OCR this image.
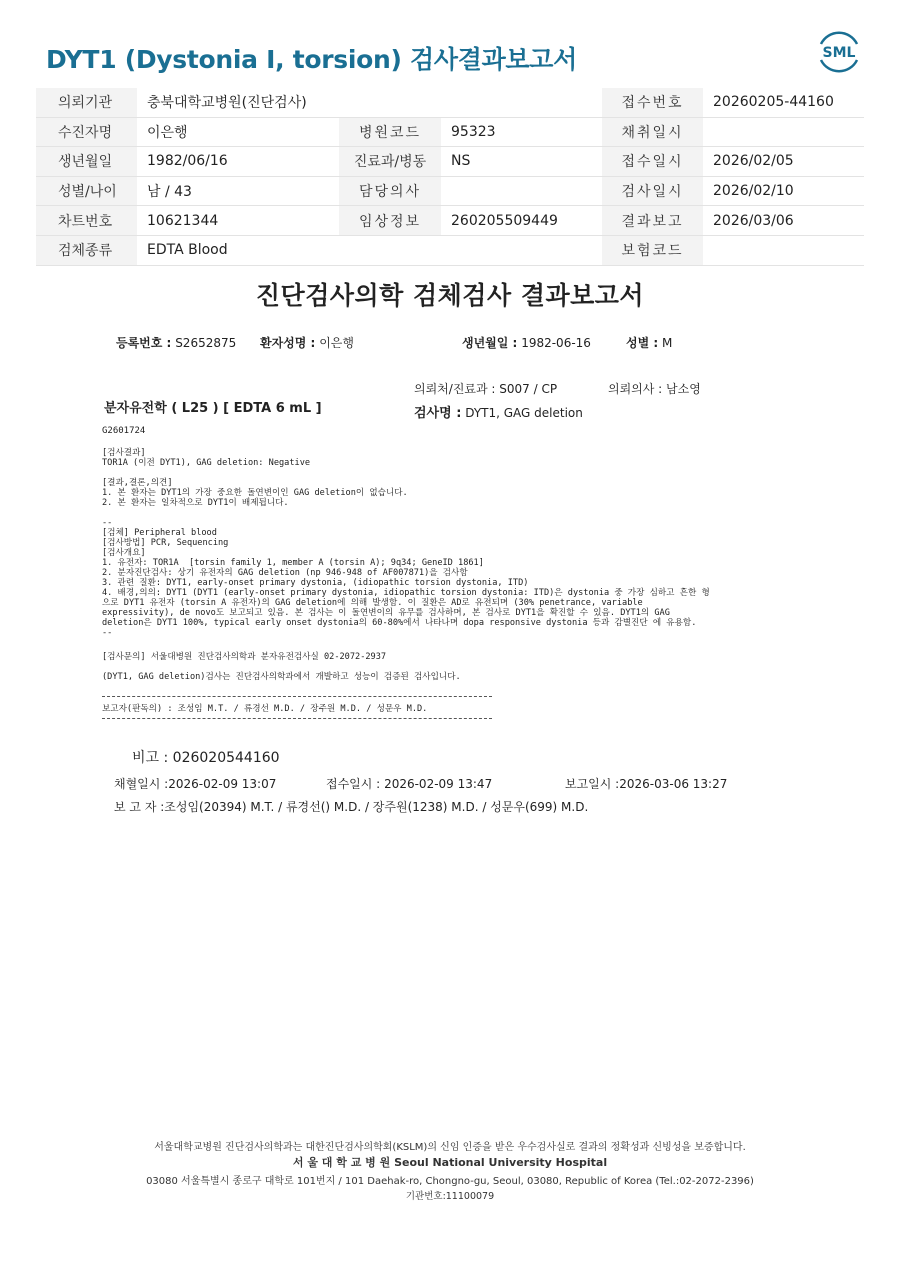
DYT1 (Dystonia I, torsion) 검사결과보고서	SML
의뢰기관	충북대학교병원(진단검사)			접수번호	20260205-44160
수진자명	이은행	병원코드	95323	채취일시	
생년월일	1982/06/16	진료과/병동	NS	접수일시	2026/02/05
성별/나이	남 / 43	담당의사		검사일시	2026/02/10
차트번호	10621344	임상정보	260205509449	결과보고	2026/03/06
검체종류	EDTA Blood			보험코드	
진단검사의학 검체검사 결과보고서
등록번호 : S2652875 환자성명 : 이은행	생년월일 : 1982-06-16	성별 : M
의뢰처/진료과 : S007 / CP	의뢰의사 : 남소영
분자유전학 ( L25 ) [ EDTA 6 mL ]	검사명 : DYT1, GAG deletion
G2601724
[검사결과]
TOR1A (이전 DYT1), GAG deletion: Negative

[결과,결론,의견]
1. 본 환자는 DYT1의 가장 중요한 돌연변이인 GAG deletion이 없습니다.
2. 본 환자는 일차적으로 DYT1이 배제됩니다.

--
[검체] Peripheral blood
[검사방법] PCR, Sequencing
[검사개요]
1. 유전자: TOR1A  [torsin family 1, member A (torsin A); 9q34; GeneID 1861]
2. 분자진단검사: 상기 유전자의 GAG deletion (np 946-948 of AF007871)을 검사함
3. 관련 질환: DYT1, early-onset primary dystonia, (idiopathic torsion dystonia, ITD)
4. 배경,의의: DYT1 (DYT1 (early-onset primary dystonia, idiopathic torsion dystonia: ITD)은 dystonia 중 가장 심하고 흔한 형
으로 DYT1 유전자 (torsin A 유전자)의 GAG deletion에 의해 발생함. 이 질환은 AD로 유전되며 (30% penetrance, variable
expressivity), de novo도 보고되고 있음. 본 검사는 이 돌연변이의 유무를 검사하며, 본 검사로 DYT1을 확진할 수 있음. DYT1의 GAG
deletion은 DYT1 100%, typical early onset dystonia의 60-80%에서 나타나며 dopa responsive dystonia 등과 감별진단 에 유용함.
--
[검사문의] 서울대병원 진단검사의학과 분자유전검사실 02-2072-2937
(DYT1, GAG deletion)검사는 진단검사의학과에서 개발하고 성능이 검증된 검사입니다.
보고자(판독의) : 조성임 M.T. / 류경선 M.D. / 장주원 M.D. / 성문우 M.D.
비고 : 026020544160
채혈일시 :2026-02-09 13:07	접수일시 : 2026-02-09 13:47	보고일시 :2026-03-06 13:27
보 고 자 :조성임(20394) M.T. / 류경선() M.D. / 장주원(1238) M.D. / 성문우(699) M.D.
서울대학교병원 진단검사의학과는 대한진단검사의학회(KSLM)의 신임 인증을 받은 우수검사실로 결과의 정확성과 신빙성을 보증합니다.
서 울 대 학 교 병 원 Seoul National University Hospital
03080 서울특별시 종로구 대학로 101번지 / 101 Daehak-ro, Chongno-gu, Seoul, 03080, Republic of Korea (Tel.:02-2072-2396)
기관번호:11100079
